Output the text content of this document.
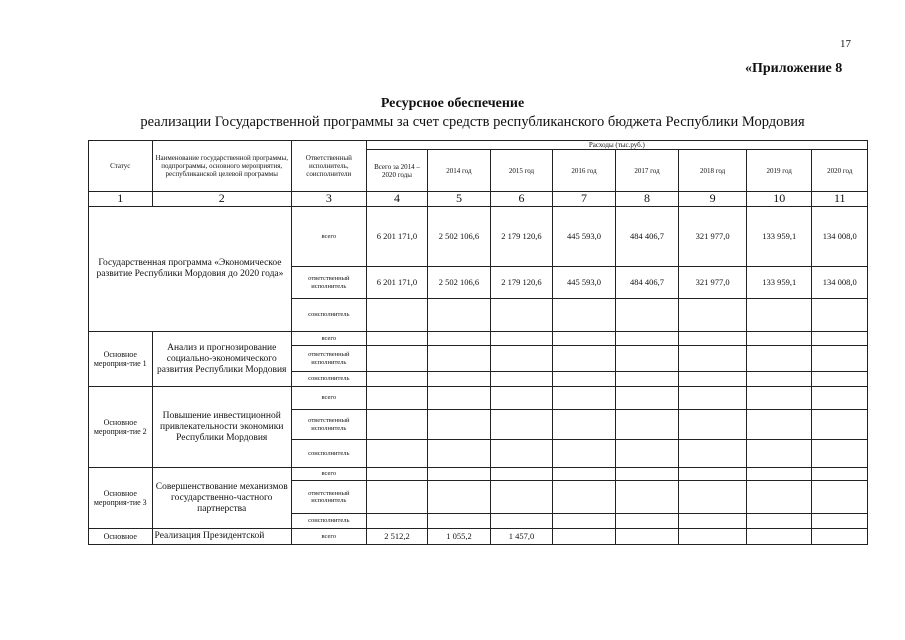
17
«Приложение 8
Ресурсное обеспечение
реализации Государственной программы за счет средств республиканского бюджета Республики Мордовия
Статус	Наименование государственной программы, подпрограммы, основного мероприятия, республиканской целевой программы	Ответственный исполнитель, соисполнители	Расходы (тыс.руб.)							
			Всего за 2014 – 2020 годы	2014 год	2015 год	2016 год	2017 год	2018 год	2019 год	2020 год
1	2	3	4	5	6	7	8	9	10	11
Государственная программа «Экономическое развитие Республики Мордовия до 2020 года»		всего	6 201 171,0	2 502 106,6	2 179 120,6	445 593,0	484 406,7	321 977,0	133 959,1	134 008,0
		ответственный исполнитель	6 201 171,0	2 502 106,6	2 179 120,6	445 593,0	484 406,7	321 977,0	133 959,1	134 008,0
		соисполнитель								
Основное мероприя-тие 1	Анализ и прогнозирование социально-экономического развития Республики Мордовия	всего								
		ответственный исполнитель								
		соисполнитель								
Основное мероприя-тие 2	Повышение инвестиционной привлекательности экономики Республики Мордовия	всего								
		ответственный исполнитель								
		соисполнитель								
Основное мероприя-тие 3	Совершенствование механизмов государственно-частного партнерства	всего								
		ответственный исполнитель								
		соисполнитель								
Основное	Реализация Президентской	всего	2 512,2	1 055,2	1 457,0					
